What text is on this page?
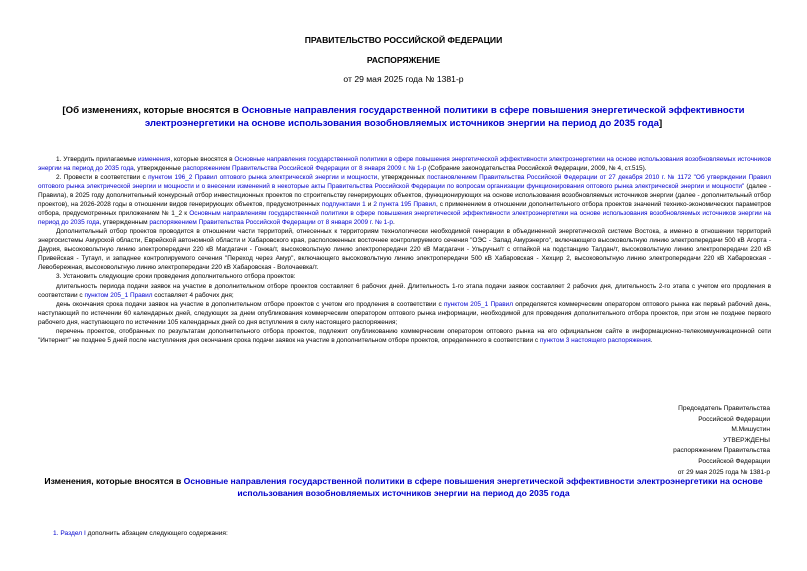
ПРАВИТЕЛЬСТВО РОССИЙСКОЙ ФЕДЕРАЦИИ
РАСПОРЯЖЕНИЕ
от 29 мая 2025 года № 1381-р
[Об изменениях, которые вносятся в Основные направления государственной политики в сфере повышения энергетической эффективности электроэнергетики на основе использования возобновляемых источников энергии на период до 2035 года]

1. Утвердить прилагаемые изменения, которые вносятся в Основные направления государственной политики в сфере повышения энергетической эффективности электроэнергетики на основе использования возобновляемых источников энергии на период до 2035 года, утвержденные распоряжением Правительства Российской Федерации от 8 января 2009 г. № 1-р (Собрание законодательства Российской Федерации, 2009, № 4, ст.515).

2. Провести в соответствии с пунктом 196_2 Правил оптового рынка электрической энергии и мощности, утвержденных постановлением Правительства Российской Федерации от 27 декабря 2010 г. № 1172 "Об утверждении Правил оптового рынка электрической энергии и мощности и о внесении изменений в некоторые акты Правительства Российской Федерации по вопросам организации функционирования оптового рынка электрической энергии и мощности" (далее - Правила), в 2025 году дополнительный конкурсный отбор инвестиционных проектов по строительству генерирующих объектов, функционирующих на основе использования возобновляемых источников энергии (далее - дополнительный отбор проектов), на 2026-2028 годы в отношении видов генерирующих объектов, предусмотренных подпунктами 1 и 2 пункта 195 Правил, с применением в отношении дополнительного отбора проектов значений технико-экономических параметров отбора, предусмотренных приложением № 1_2 к Основным направлениям государственной политики в сфере повышения энергетической эффективности электроэнергетики на основе использования возобновляемых источников энергии на период до 2035 года, утвержденным распоряжением Правительства Российской Федерации от 8 января 2009 г. № 1-р.

Дополнительный отбор проектов проводится в отношении части территорий, отнесенных к территориям технологически необходимой генерации в объединенной энергетической системе Востока, а именно в отношении территорий энергосистемы Амурской области, Еврейской автономной области и Хабаровского края, расположенных восточнее контролируемого сечения "ОЭС - Запад Амурэнерго", включающего высоковольтную линию электропередачи 500 кВ Агорта - Даурия, высоковольтную линию электропередачи 220 кВ Магдагачи - Гонжа/т, высоковольтную линию электропередачи 220 кВ Магдагачи - Ульручьи/т с отпайкой на подстанцию Талдан/т, высоковольтную линию электропередачи 220 кВ Привейская - Тутаул, и западнее контролируемого сечения "Переход через Амур", включающего высоковольтную линию электропередачи 500 кВ Хабаровская - Хехцир 2, высоковольтную линию электропередачи 220 кВ Хабаровская - Левобережная, высоковольтную линию электропередачи 220 кВ Хабаровская - Волочаевка/т.

3. Установить следующие сроки проведения дополнительного отбора проектов:

длительность периода подачи заявок на участие в дополнительном отборе проектов составляет 6 рабочих дней. Длительность 1-го этапа подачи заявок составляет 2 рабочих дня, длительность 2-го этапа с учетом его продления в соответствии с пунктом 205_1 Правил составляет 4 рабочих дня;

день окончания срока подачи заявок на участие в дополнительном отборе проектов с учетом его продления в соответствии с пунктом 205_1 Правил определяется коммерческим оператором оптового рынка как первый рабочий день, наступающий по истечении 60 календарных дней, следующих за днем опубликования коммерческим оператором оптового рынка информации, необходимой для проведения дополнительного отбора проектов, при этом не позднее первого рабочего дня, наступающего по истечении 105 календарных дней со дня вступления в силу настоящего распоряжения;

перечень проектов, отобранных по результатам дополнительного отбора проектов, подлежит опубликованию коммерческим оператором оптового рынка на его официальном сайте в информационно-телекоммуникационной сети "Интернет" не позднее 5 дней после наступления дня окончания срока подачи заявок на участие в дополнительном отборе проектов, определенного в соответствии с пунктом 3 настоящего распоряжения.

Председатель Правительства
Российской Федерации
М.Мишустин
УТВЕРЖДЕНЫ
распоряжением Правительства
Российской Федерации
от 29 мая 2025 года № 1381-р
Изменения, которые вносятся в Основные направления государственной политики в сфере повышения энергетической эффективности электроэнергетики на основе использования возобновляемых источников энергии на период до 2035 года
1. Раздел I дополнить абзацем следующего содержания:
